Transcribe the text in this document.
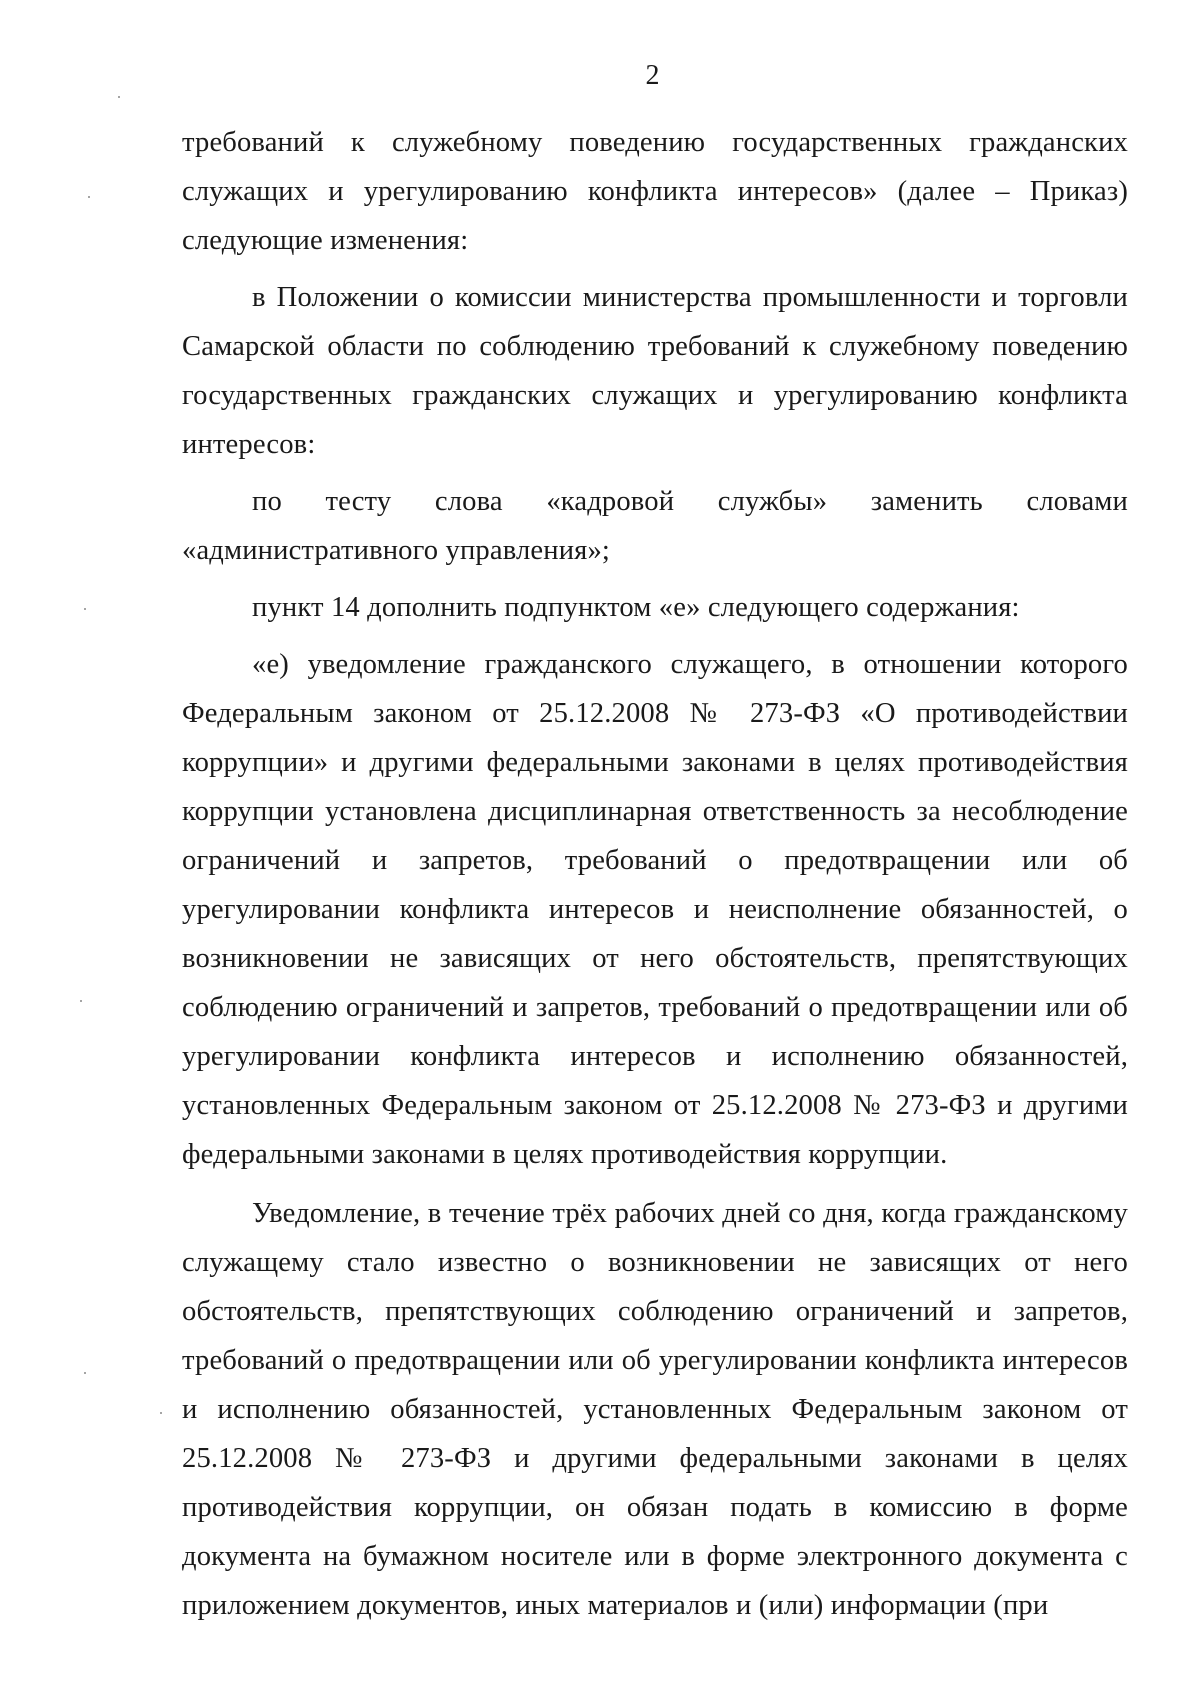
2

требований к служебному поведению государственных гражданских служащих и урегулированию конфликта интересов» (далее – Приказ) следующие изменения:

в Положении о комиссии министерства промышленности и торговли Самарской области по соблюдению требований к служебному поведению государственных гражданских служащих и урегулированию конфликта интересов:

по тесту слова «кадровой службы» заменить словами «административного управления»;

пункт 14 дополнить подпунктом «е» следующего содержания:

«е) уведомление гражданского служащего, в отношении которого Федеральным законом от 25.12.2008 № 273-ФЗ «О противодействии коррупции» и другими федеральными законами в целях противодействия коррупции установлена дисциплинарная ответственность за несоблюдение ограничений и запретов, требований о предотвращении или об урегулировании конфликта интересов и неисполнение обязанностей, о возникновении не зависящих от него обстоятельств, препятствующих соблюдению ограничений и запретов, требований о предотвращении или об урегулировании конфликта интересов и исполнению обязанностей, установленных Федеральным законом от 25.12.2008 № 273-ФЗ и другими федеральными законами в целях противодействия коррупции.

Уведомление, в течение трёх рабочих дней со дня, когда гражданскому служащему стало известно о возникновении не зависящих от него обстоятельств, препятствующих соблюдению ограничений и запретов, требований о предотвращении или об урегулировании конфликта интересов и исполнению обязанностей, установленных Федеральным законом от 25.12.2008 № 273-ФЗ и другими федеральными законами в целях противодействия коррупции, он обязан подать в комиссию в форме документа на бумажном носителе или в форме электронного документа с приложением документов, иных материалов и (или) информации (при
